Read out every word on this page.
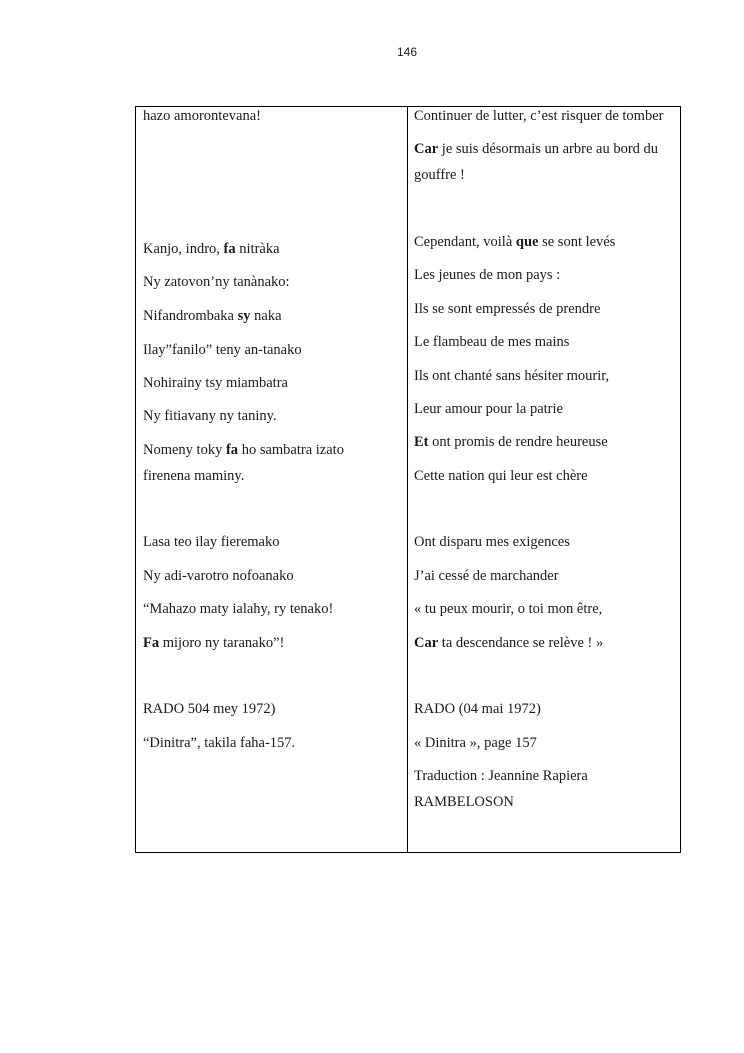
146
hazo amorontevana!
Kanjo, indro, fa nitràka
Ny zatovon’ny tanànako:
Nifandrombaka sy naka
Ilay”fanilo” teny an-tanako
Nohirainy tsy miambatra
Ny fitiavany ny taniny.
Nomeny toky fa ho sambatra izato
firenena maminy.
Lasa teo ilay fieremako
Ny adi-varotro nofoanako
“Mahazo maty ialahy, ry tenako!
Fa mijoro ny taranako”!
RADO 504 mey 1972)
“Dinitra”, takila faha-157.
Continuer de lutter, c’est risquer de tomber
Car je suis désormais un arbre au bord du
gouffre !
Cependant, voilà que se sont levés
Les jeunes de mon pays :
Ils se sont empressés de prendre
Le flambeau de mes mains
Ils ont chanté sans hésiter mourir,
Leur amour pour la patrie
Et ont promis de rendre heureuse
Cette nation qui leur est chère
Ont disparu mes exigences
J’ai cessé de marchander
« tu peux mourir, o toi mon être,
Car ta descendance se relève ! »
RADO (04 mai 1972)
« Dinitra », page 157
Traduction : Jeannine Rapiera
RAMBELOSON
